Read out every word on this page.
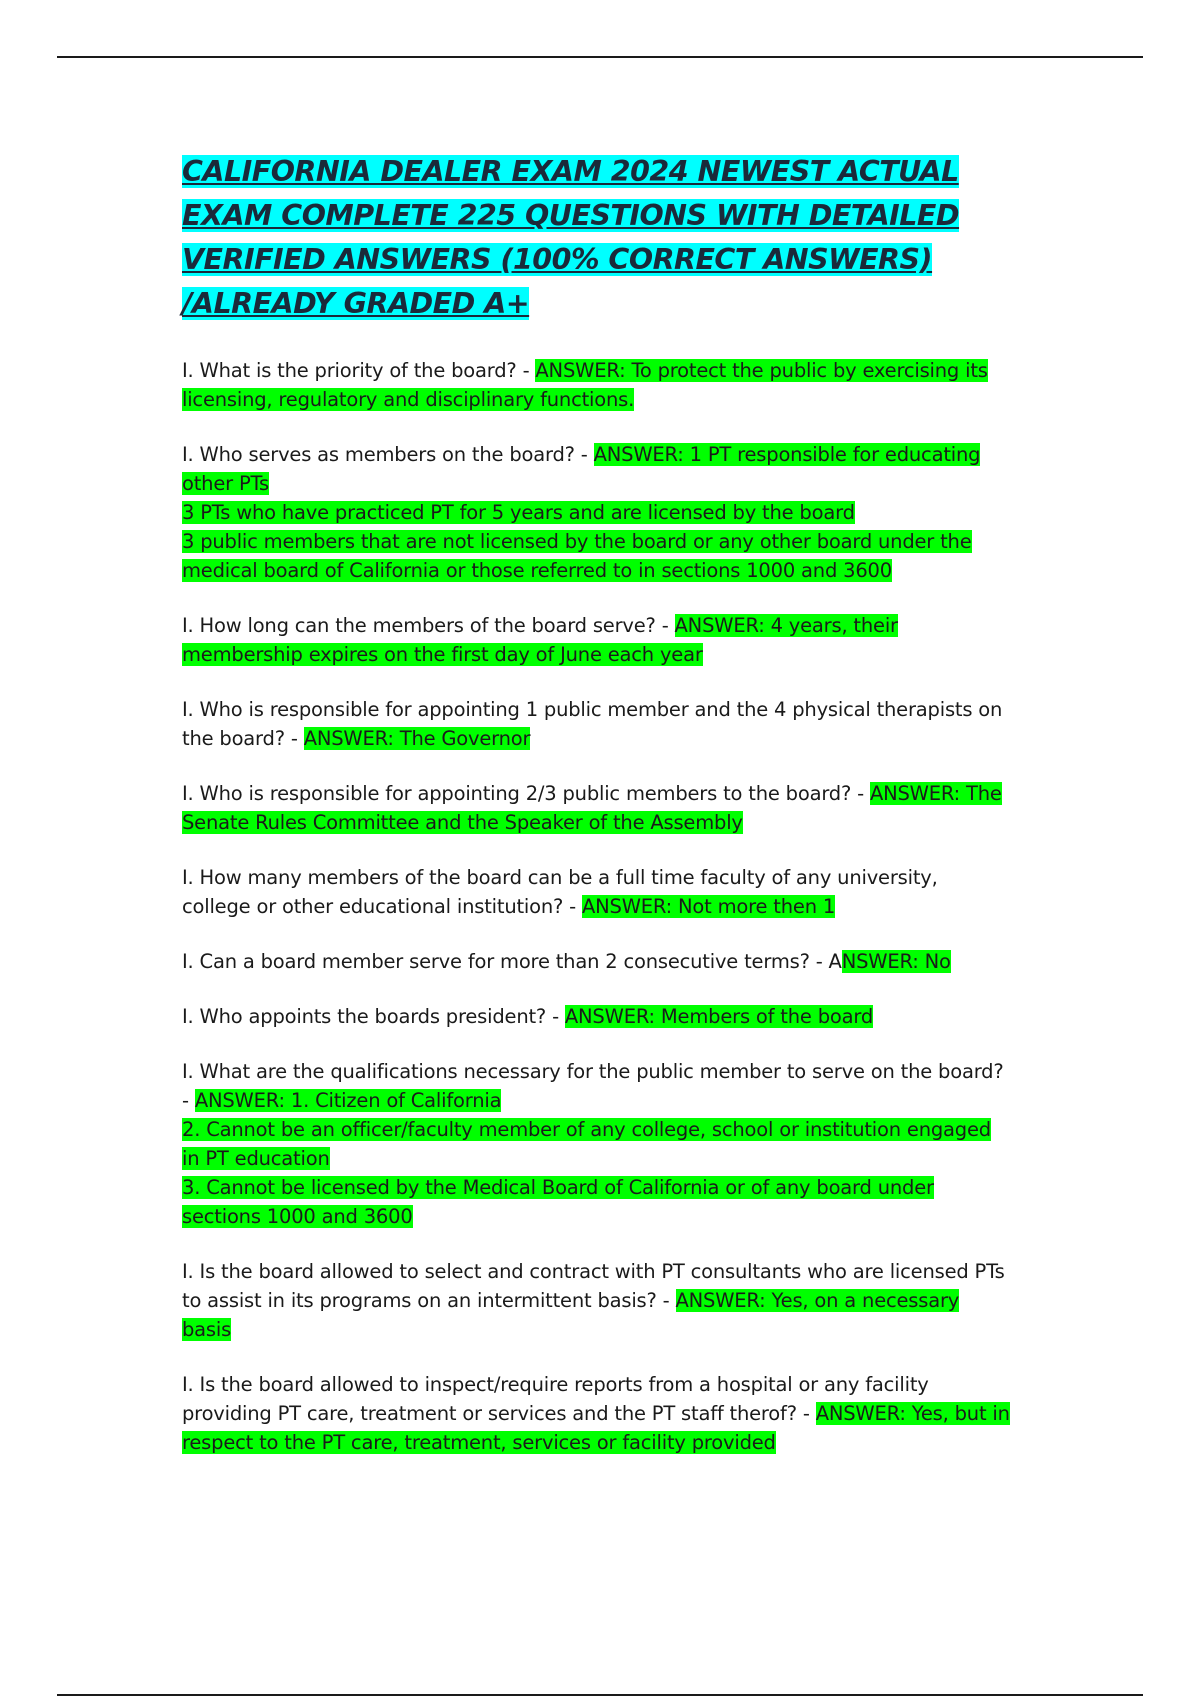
CALIFORNIA DEALER EXAM 2024 NEWEST ACTUAL EXAM COMPLETE 225 QUESTIONS WITH DETAILED VERIFIED ANSWERS (100% CORRECT ANSWERS) /ALREADY GRADED A+

I. What is the priority of the board? - ANSWER: To protect the public by exercising its licensing, regulatory and disciplinary functions.

I. Who serves as members on the board? - ANSWER: 1 PT responsible for educating other PTs
3 PTs who have practiced PT for 5 years and are licensed by the board
3 public members that are not licensed by the board or any other board under the medical board of California or those referred to in sections 1000 and 3600

I. How long can the members of the board serve? - ANSWER: 4 years, their membership expires on the first day of June each year

I. Who is responsible for appointing 1 public member and the 4 physical therapists on the board? - ANSWER: The Governor

I. Who is responsible for appointing 2/3 public members to the board? - ANSWER: The Senate Rules Committee and the Speaker of the Assembly

I. How many members of the board can be a full time faculty of any university, college or other educational institution? - ANSWER: Not more then 1

I. Can a board member serve for more than 2 consecutive terms? - ANSWER: No

I. Who appoints the boards president? - ANSWER: Members of the board

I. What are the qualifications necessary for the public member to serve on the board? - ANSWER: 1. Citizen of California
2. Cannot be an officer/faculty member of any college, school or institution engaged in PT education
3. Cannot be licensed by the Medical Board of California or of any board under sections 1000 and 3600

I. Is the board allowed to select and contract with PT consultants who are licensed PTs to assist in its programs on an intermittent basis? - ANSWER: Yes, on a necessary basis

I. Is the board allowed to inspect/require reports from a hospital or any facility providing PT care, treatment or services and the PT staff therof? - ANSWER: Yes, but in respect to the PT care, treatment, services or facility provided
